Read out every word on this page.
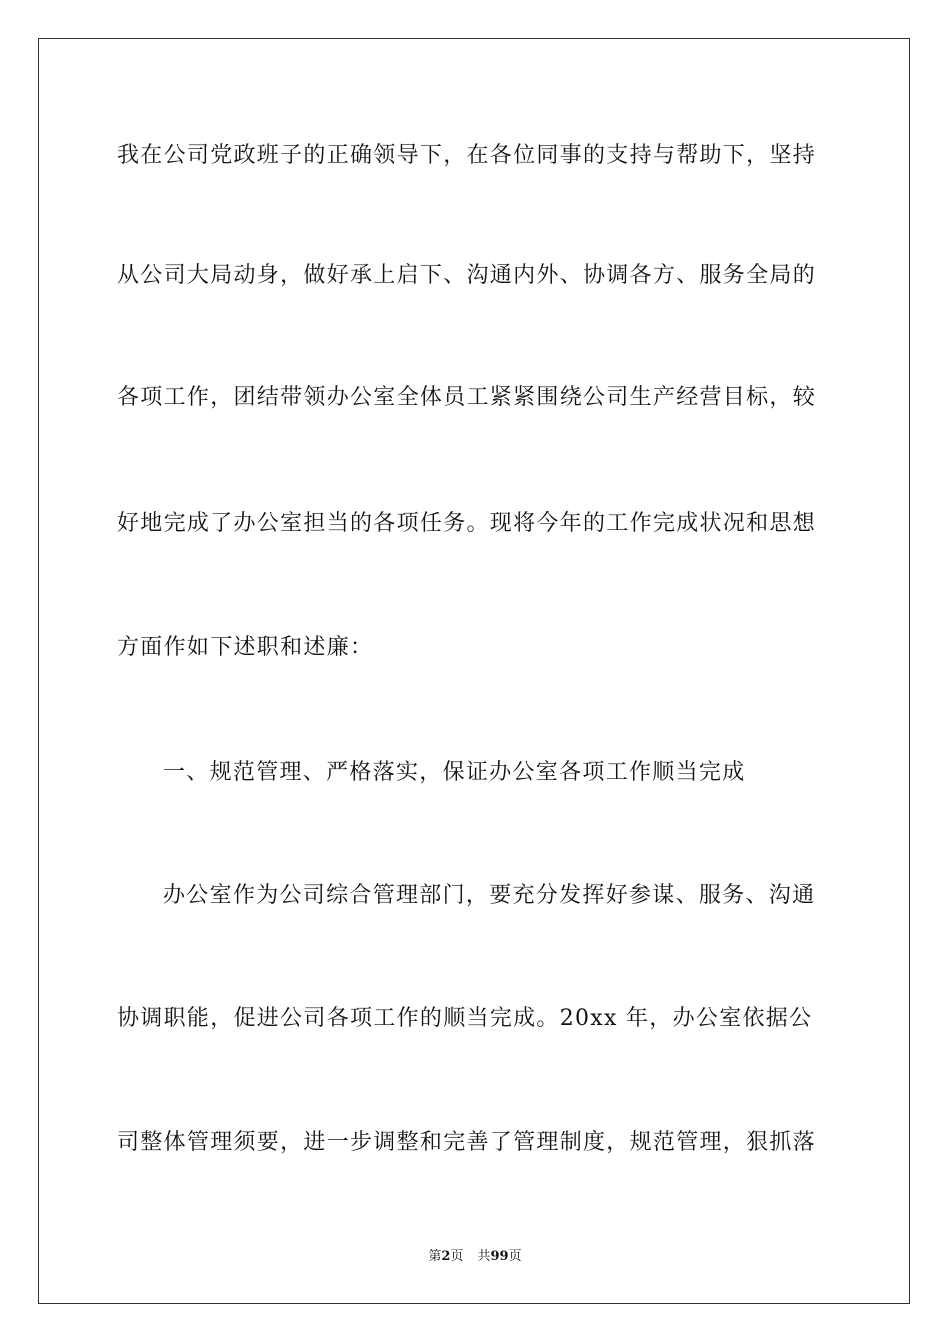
我在公司党政班子的正确领导下，在各位同事的支持与帮助下，坚持
从公司大局动身，做好承上启下、沟通内外、协调各方、服务全局的
各项工作，团结带领办公室全体员工紧紧围绕公司生产经营目标，较
好地完成了办公室担当的各项任务。现将今年的工作完成状况和思想
方面作如下述职和述廉：
一、规范管理、严格落实，保证办公室各项工作顺当完成
办公室作为公司综合管理部门，要充分发挥好参谋、服务、沟通
协调职能，促进公司各项工作的顺当完成。20xx 年，办公室依据公
司整体管理须要，进一步调整和完善了管理制度，规范管理，狠抓落
第2页 共99页
